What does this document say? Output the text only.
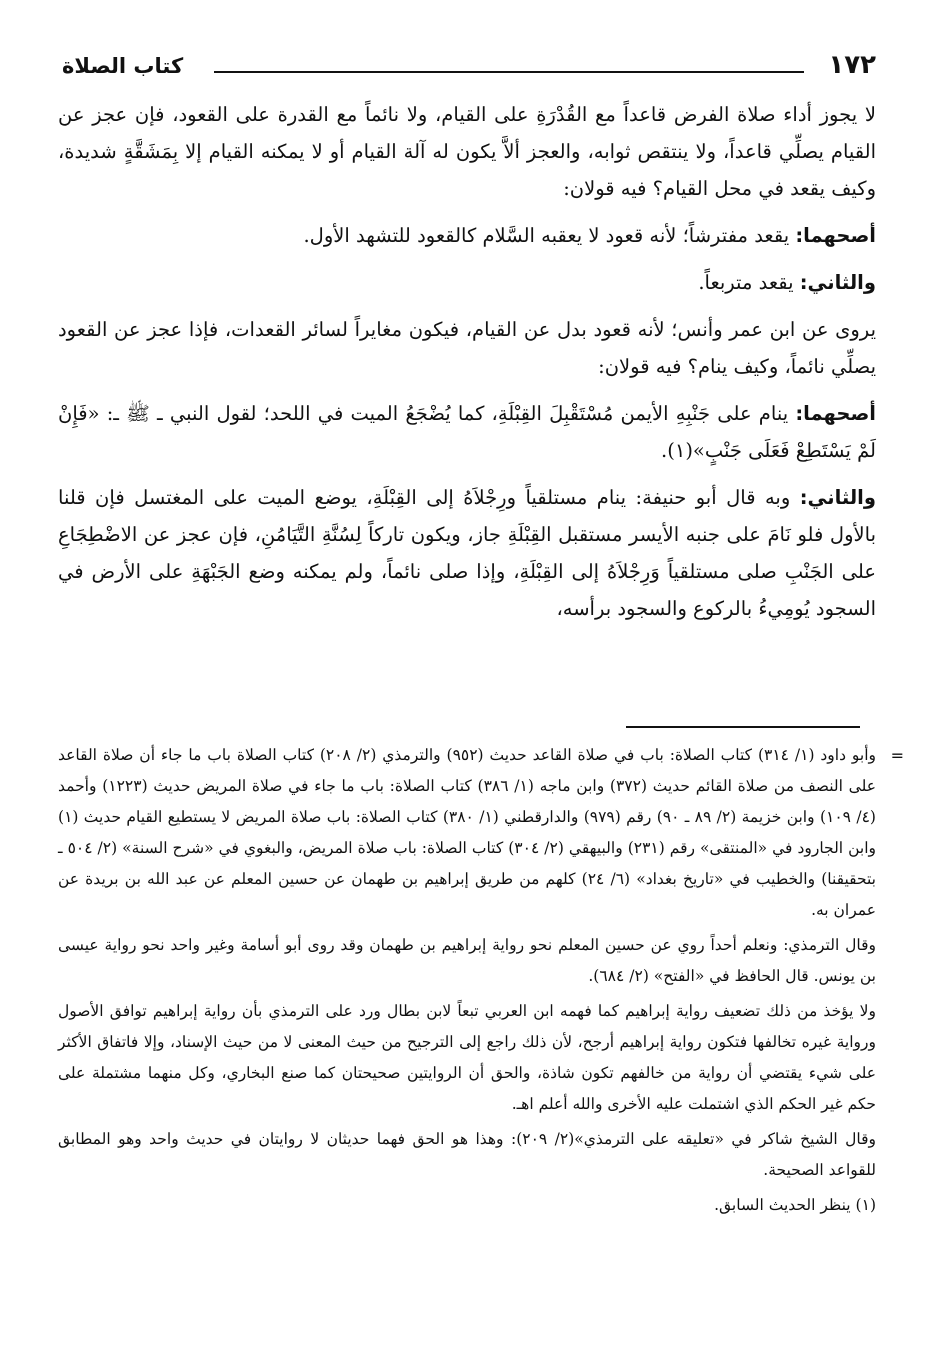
١٧٢
كتاب الصلاة

لا يجوز أداء صلاة الفرض قاعداً مع القُدْرَةِ على القيام، ولا نائماً مع القدرة على القعود، فإن عجز عن القيام يصلِّي قاعداً، ولا ينتقص ثوابه، والعجز ألاَّ يكون له آلة القيام أو لا يمكنه القيام إلا بِمَشَقَّةٍ شديدة، وكيف يقعد في محل القيام؟ فيه قولان:

أصحهما: يقعد مفترشاً؛ لأنه قعود لا يعقبه السَّلام كالقعود للتشهد الأول.

والثاني: يقعد متربعاً.

يروى عن ابن عمر وأنس؛ لأنه قعود بدل عن القيام، فيكون مغايراً لسائر القعدات، فإذا عجز عن القعود يصلِّي نائماً، وكيف ينام؟ فيه قولان:

أصحهما: ينام على جَنْبِهِ الأيمن مُسْتَقْبِلَ القِبْلَةِ، كما يُضْجَعُ الميت في اللحد؛ لقول النبي ـ ﷺ ـ: «فَإِنْ لَمْ يَسْتَطِعْ فَعَلَى جَنْبٍ»(١).

والثاني: وبه قال أبو حنيفة: ينام مستلقياً ورِجْلاَهُ إلى القِبْلَةِ، يوضع الميت على المغتسل فإن قلنا بالأول فلو نَامَ على جنبه الأيسر مستقبل القِبْلَةِ جاز، ويكون تاركاً لِسُنَّةِ التَّيَامُنِ، فإن عجز عن الاضْطِجَاعِ على الجَنْبِ صلى مستلقياً وَرِجْلاَهُ إلى القِبْلَةِ، وإذا صلى نائماً، ولم يمكنه وضع الجَبْهَةِ على الأرض في السجود يُومِيءُ بالركوع والسجود برأسه،

=
وأبو داود (١/ ٣١٤) كتاب الصلاة: باب في صلاة القاعد حديث (٩٥٢) والترمذي (٢/ ٢٠٨) كتاب الصلاة باب ما جاء أن صلاة القاعد على النصف من صلاة القائم حديث (٣٧٢) وابن ماجه (١/ ٣٨٦) كتاب الصلاة: باب ما جاء في صلاة المريض حديث (١٢٢٣) وأحمد (٤/ ١٠٩) وابن خزيمة (٢/ ٨٩ ـ ٩٠) رقم (٩٧٩) والدارقطني (١/ ٣٨٠) كتاب الصلاة: باب صلاة المريض لا يستطيع القيام حديث (١) وابن الجارود في «المنتقى» رقم (٢٣١) والبيهقي (٢/ ٣٠٤) كتاب الصلاة: باب صلاة المريض، والبغوي في «شرح السنة» (٢/ ٥٠٤ ـ بتحقيقنا) والخطيب في «تاريخ بغداد» (٦/ ٢٤) كلهم من طريق إبراهيم بن طهمان عن حسين المعلم عن عبد الله بن بريدة عن عمران به.

وقال الترمذي: ونعلم أحداً روي عن حسين المعلم نحو رواية إبراهيم بن طهمان وقد روى أبو أسامة وغير واحد نحو رواية عيسى بن يونس. قال الحافظ في «الفتح» (٢/ ٦٨٤).

ولا يؤخذ من ذلك تضعيف رواية إبراهيم كما فهمه ابن العربي تبعاً لابن بطال ورد على الترمذي بأن رواية إبراهيم توافق الأصول ورواية غيره تخالفها فتكون رواية إبراهيم أرجح، لأن ذلك راجع إلى الترجيح من حيث المعنى لا من حيث الإسناد، وإلا فاتفاق الأكثر على شيء يقتضي أن رواية من خالفهم تكون شاذة، والحق أن الروايتين صحيحتان كما صنع البخاري، وكل منهما مشتملة على حكم غير الحكم الذي اشتملت عليه الأخرى والله أعلم اهـ.

وقال الشيخ شاكر في «تعليقه على الترمذي»(٢/ ٢٠٩): وهذا هو الحق فهما حديثان لا روايتان في حديث واحد وهو المطابق للقواعد الصحيحة.

(١) ينظر الحديث السابق.
